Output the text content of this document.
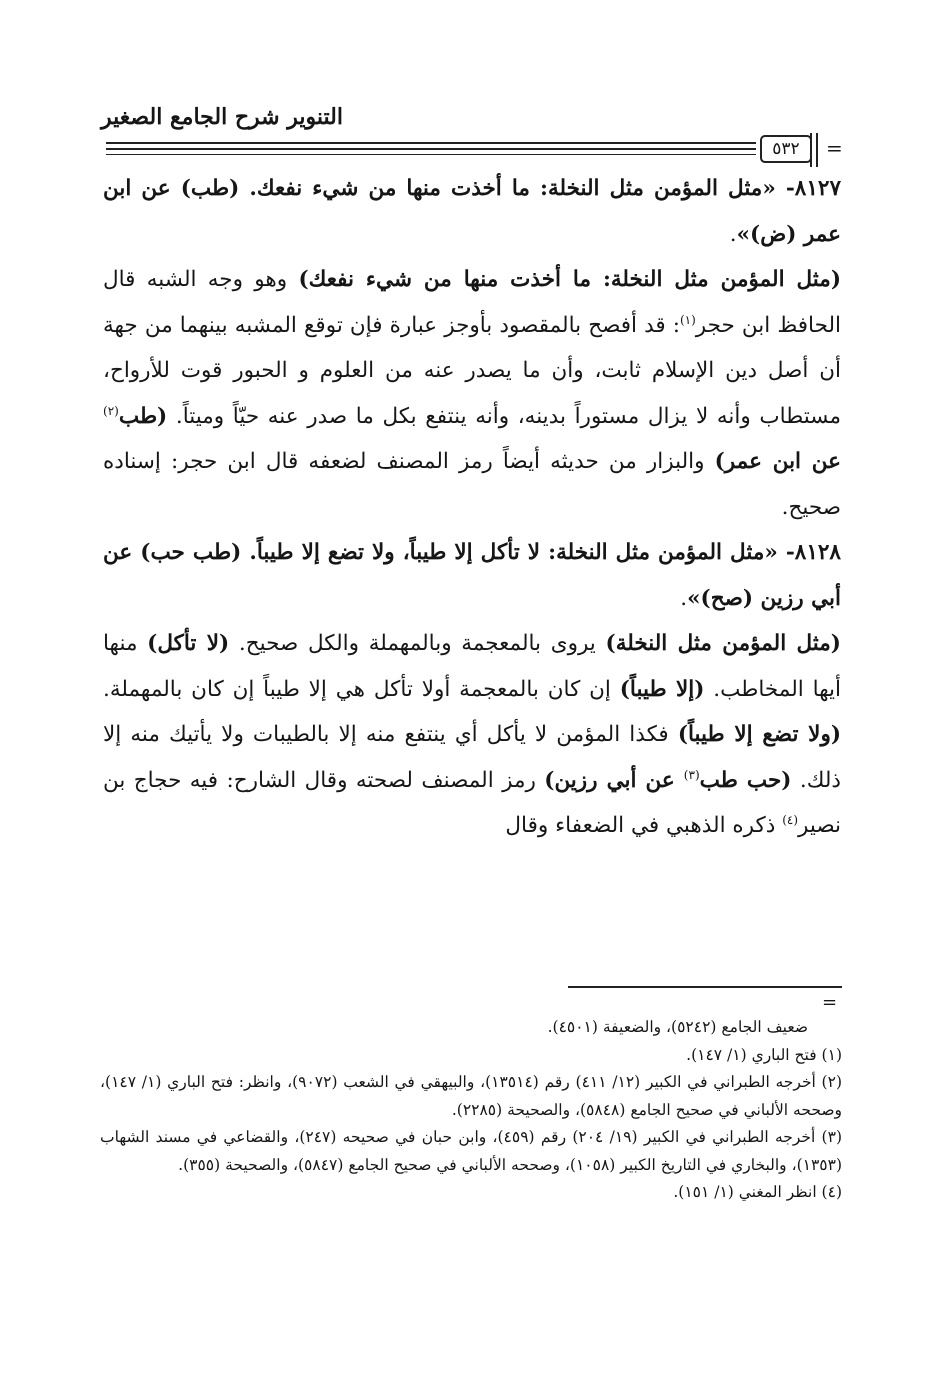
التنوير شرح الجامع الصغير
٥٣٢ =

٨١٢٧- «مثل المؤمن مثل النخلة: ما أخذت منها من شيء نفعك. (طب) عن ابن عمر (ض)».

(مثل المؤمن مثل النخلة: ما أخذت منها من شيء نفعك) وهو وجه الشبه قال الحافظ ابن حجر$^{(١)}$: قد أفصح بالمقصود بأوجز عبارة فإن توقع المشبه بينهما من جهة أن أصل دين الإسلام ثابت، وأن ما يصدر عنه من العلوم و الحبور قوت للأرواح، مستطاب وأنه لا يزال مستوراً بدينه، وأنه ينتفع بكل ما صدر عنه حيّاً وميتاً. (طب$^{(٢)}$ عن ابن عمر) والبزار من حديثه أيضاً رمز المصنف لضعفه قال ابن حجر: إسناده صحيح.

٨١٢٨- «مثل المؤمن مثل النخلة: لا تأكل إلا طيباً، ولا تضع إلا طيباً. (طب حب) عن أبي رزين (صح)».

(مثل المؤمن مثل النخلة) يروى بالمعجمة وبالمهملة والكل صحيح. (لا تأكل) منها أيها المخاطب. (إلا طيباً) إن كان بالمعجمة أولا تأكل هي إلا طيباً إن كان بالمهملة. (ولا تضع إلا طيباً) فكذا المؤمن لا يأكل أي ينتفع منه إلا بالطيبات ولا يأتيك منه إلا ذلك. (حب طب$^{(٣)}$ عن أبي رزين) رمز المصنف لصحته وقال الشارح: فيه حجاج بن نصير$^{(٤)}$ ذكره الذهبي في الضعفاء وقال

=

ضعيف الجامع (٥٢٤٢)، والضعيفة (٤٥٠١).

(١) فتح الباري (١/ ١٤٧).

(٢) أخرجه الطبراني في الكبير (١٢/ ٤١١) رقم (١٣٥١٤)، والبيهقي في الشعب (٩٠٧٢)، وانظر: فتح الباري (١/ ١٤٧)، وصححه الألباني في صحيح الجامع (٥٨٤٨)، والصحيحة (٢٢٨٥).

(٣) أخرجه الطبراني في الكبير (١٩/ ٢٠٤) رقم (٤٥٩)، وابن حبان في صحيحه (٢٤٧)، والقضاعي في مسند الشهاب (١٣٥٣)، والبخاري في التاريخ الكبير (١٠٥٨)، وصححه الألباني في صحيح الجامع (٥٨٤٧)، والصحيحة (٣٥٥).

(٤) انظر المغني (١/ ١٥١).
